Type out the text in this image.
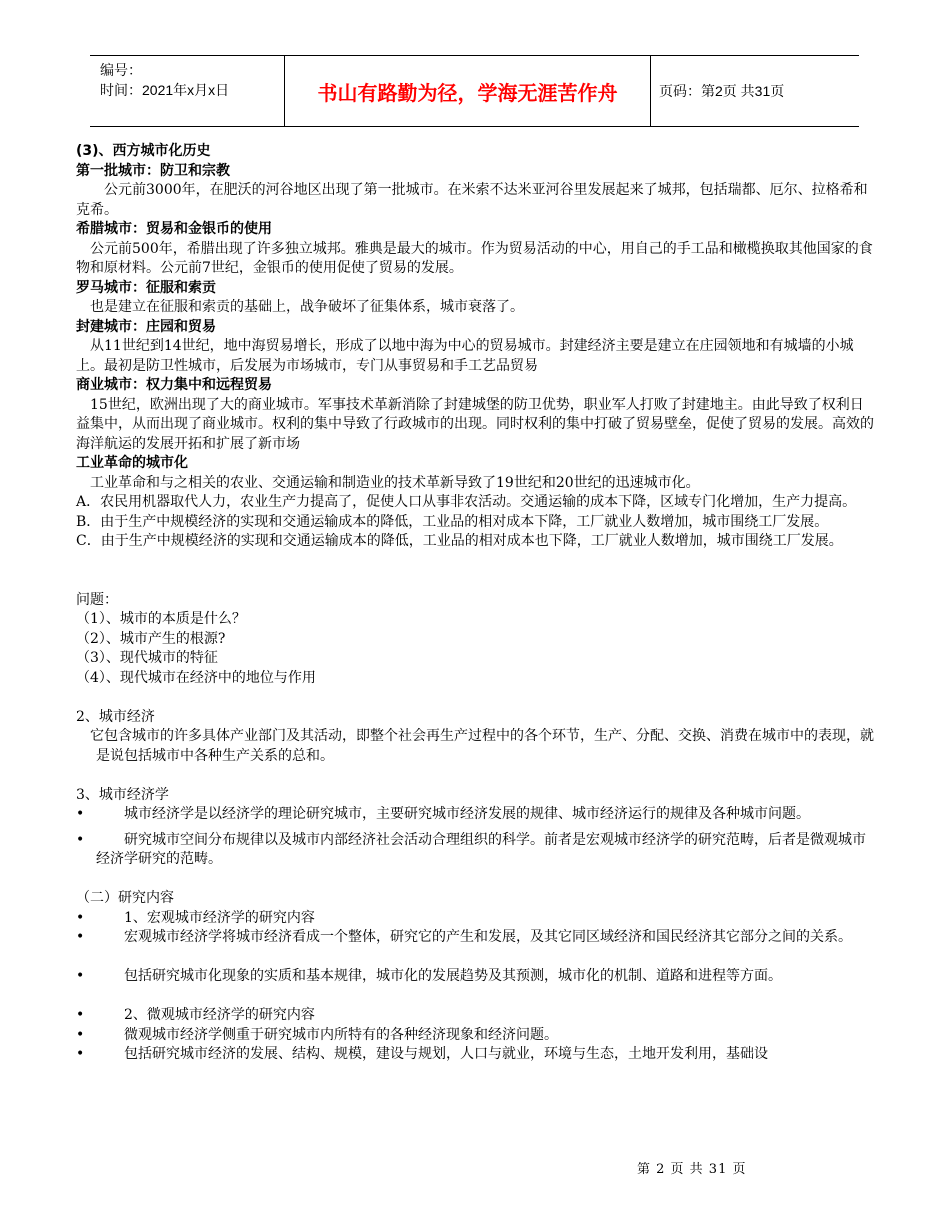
编号：
时间：2021年x月x日	书山有路勤为径，学海无涯苦作舟	页码：第2页 共31页

(3)、西方城市化历史

第一批城市：防卫和宗教

公元前3000年，在肥沃的河谷地区出现了第一批城市。在米索不达米亚河谷里发展起来了城邦，包括瑞都、厄尔、拉格希和克希。

希腊城市：贸易和金银币的使用

公元前500年，希腊出现了许多独立城邦。雅典是最大的城市。作为贸易活动的中心，用自己的手工品和橄榄换取其他国家的食物和原材料。公元前7世纪，金银币的使用促使了贸易的发展。

罗马城市：征服和索贡

也是建立在征服和索贡的基础上，战争破坏了征集体系，城市衰落了。

封建城市：庄园和贸易

从11世纪到14世纪，地中海贸易增长，形成了以地中海为中心的贸易城市。封建经济主要是建立在庄园领地和有城墙的小城上。最初是防卫性城市，后发展为市场城市，专门从事贸易和手工艺品贸易

商业城市：权力集中和远程贸易

15世纪，欧洲出现了大的商业城市。军事技术革新消除了封建城堡的防卫优势，职业军人打败了封建地主。由此导致了权利日益集中，从而出现了商业城市。权利的集中导致了行政城市的出现。同时权利的集中打破了贸易壁垒，促使了贸易的发展。高效的海洋航运的发展开拓和扩展了新市场

工业革命的城市化

工业革命和与之相关的农业、交通运输和制造业的技术革新导致了19世纪和20世纪的迅速城市化。

A．农民用机器取代人力，农业生产力提高了，促使人口从事非农活动。交通运输的成本下降，区域专门化增加，生产力提高。

B．由于生产中规模经济的实现和交通运输成本的降低，工业品的相对成本下降，工厂就业人数增加，城市围绕工厂发展。

C．由于生产中规模经济的实现和交通运输成本的降低，工业品的相对成本也下降，工厂就业人数增加，城市围绕工厂发展。

问题：

（1）、城市的本质是什么？

（2）、城市产生的根源?

（3）、现代城市的特征

（4）、现代城市在经济中的地位与作用

2、城市经济

它包含城市的许多具体产业部门及其活动，即整个社会再生产过程中的各个环节，生产、分配、交换、消费在城市中的表现，就是说包括城市中各种生产关系的总和。

3、城市经济学

•	城市经济学是以经济学的理论研究城市，主要研究城市经济发展的规律、城市经济运行的规律及各种城市问题。
•	研究城市空间分布规律以及城市内部经济社会活动合理组织的科学。前者是宏观城市经济学的研究范畴，后者是微观城市经济学研究的范畴。

（二）研究内容

•	1、宏观城市经济学的研究内容
•	宏观城市经济学将城市经济看成一个整体，研究它的产生和发展，及其它同区域经济和国民经济其它部分之间的关系。
•	包括研究城市化现象的实质和基本规律，城市化的发展趋势及其预测，城市化的机制、道路和进程等方面。
•	2、微观城市经济学的研究内容
•	微观城市经济学侧重于研究城市内所特有的各种经济现象和经济问题。
•	包括研究城市经济的发展、结构、规模，建设与规划，人口与就业，环境与生态，土地开发利用，基础设
第 2 页 共 31 页
